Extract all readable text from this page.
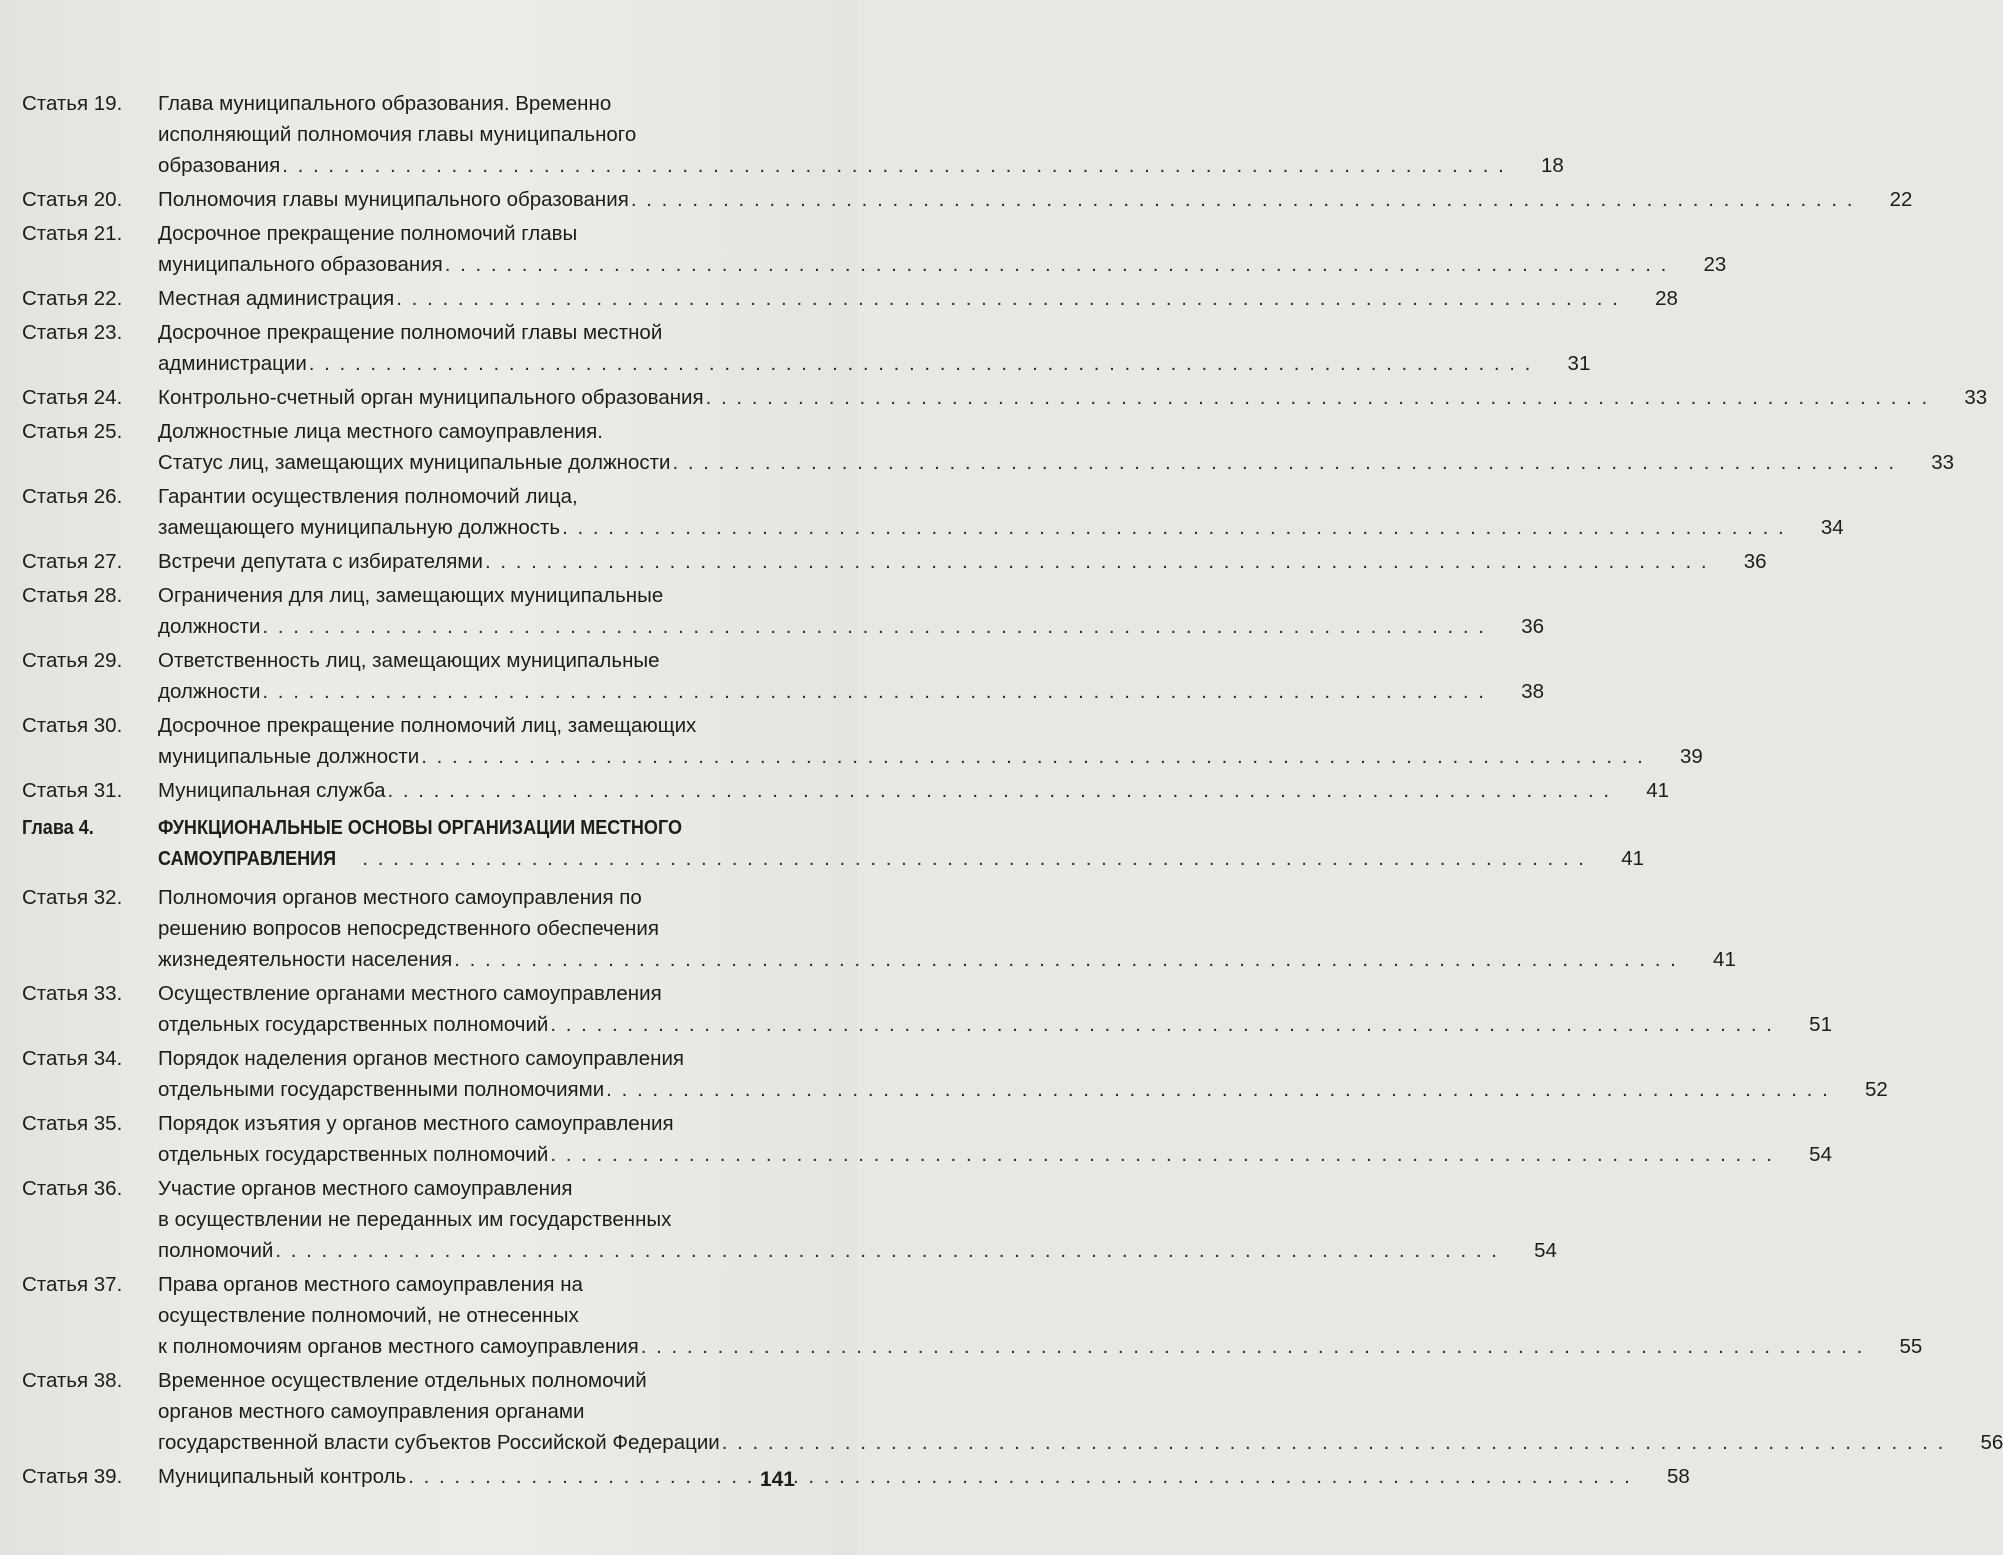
Статья 19.	Глава муниципального образования. Временно
исполняющий полномочия главы муниципального
образования . . .	18
Статья 20.	Полномочия главы муниципального образования . . .	22
Статья 21.	Досрочное прекращение полномочий главы
муниципального образования . . .	23
Статья 22.	Местная администрация . . .	28
Статья 23.	Досрочное прекращение полномочий главы местной
администрации . . .	31
Статья 24.	Контрольно-счетный орган муниципального образования . . .	33
Статья 25.	Должностные лица местного самоуправления.
Статус лиц, замещающих муниципальные должности . . .	33
Статья 26.	Гарантии осуществления полномочий лица,
замещающего муниципальную должность . . .	34
Статья 27.	Встречи депутата с избирателями . . .	36
Статья 28.	Ограничения для лиц, замещающих муниципальные
должности . . .	36
Статья 29.	Ответственность лиц, замещающих муниципальные
должности . . .	38
Статья 30.	Досрочное прекращение полномочий лиц, замещающих
муниципальные должности . . .	39
Статья 31.	Муниципальная служба . . .	41
Глава 4.	ФУНКЦИОНАЛЬНЫЕ ОСНОВЫ ОРГАНИЗАЦИИ МЕСТНОГО
САМОУПРАВЛЕНИЯ . . .	41
Статья 32.	Полномочия органов местного самоуправления по
решению вопросов непосредственного обеспечения
жизнедеятельности населения . . .	41
Статья 33.	Осуществление органами местного самоуправления
отдельных государственных полномочий . . .	51
Статья 34.	Порядок наделения органов местного самоуправления
отдельными государственными полномочиями . . .	52
Статья 35.	Порядок изъятия у органов местного самоуправления
отдельных государственных полномочий . . .	54
Статья 36.	Участие органов местного самоуправления
в осуществлении не переданных им государственных
полномочий . . .	54
Статья 37.	Права органов местного самоуправления на
осуществление полномочий, не отнесенных
к полномочиям органов местного самоуправления . . .	55
Статья 38.	Временное осуществление отдельных полномочий
органов местного самоуправления органами
государственной власти субъектов Российской Федерации . . .	56
Статья 39.	Муниципальный контроль . . .	58
141
